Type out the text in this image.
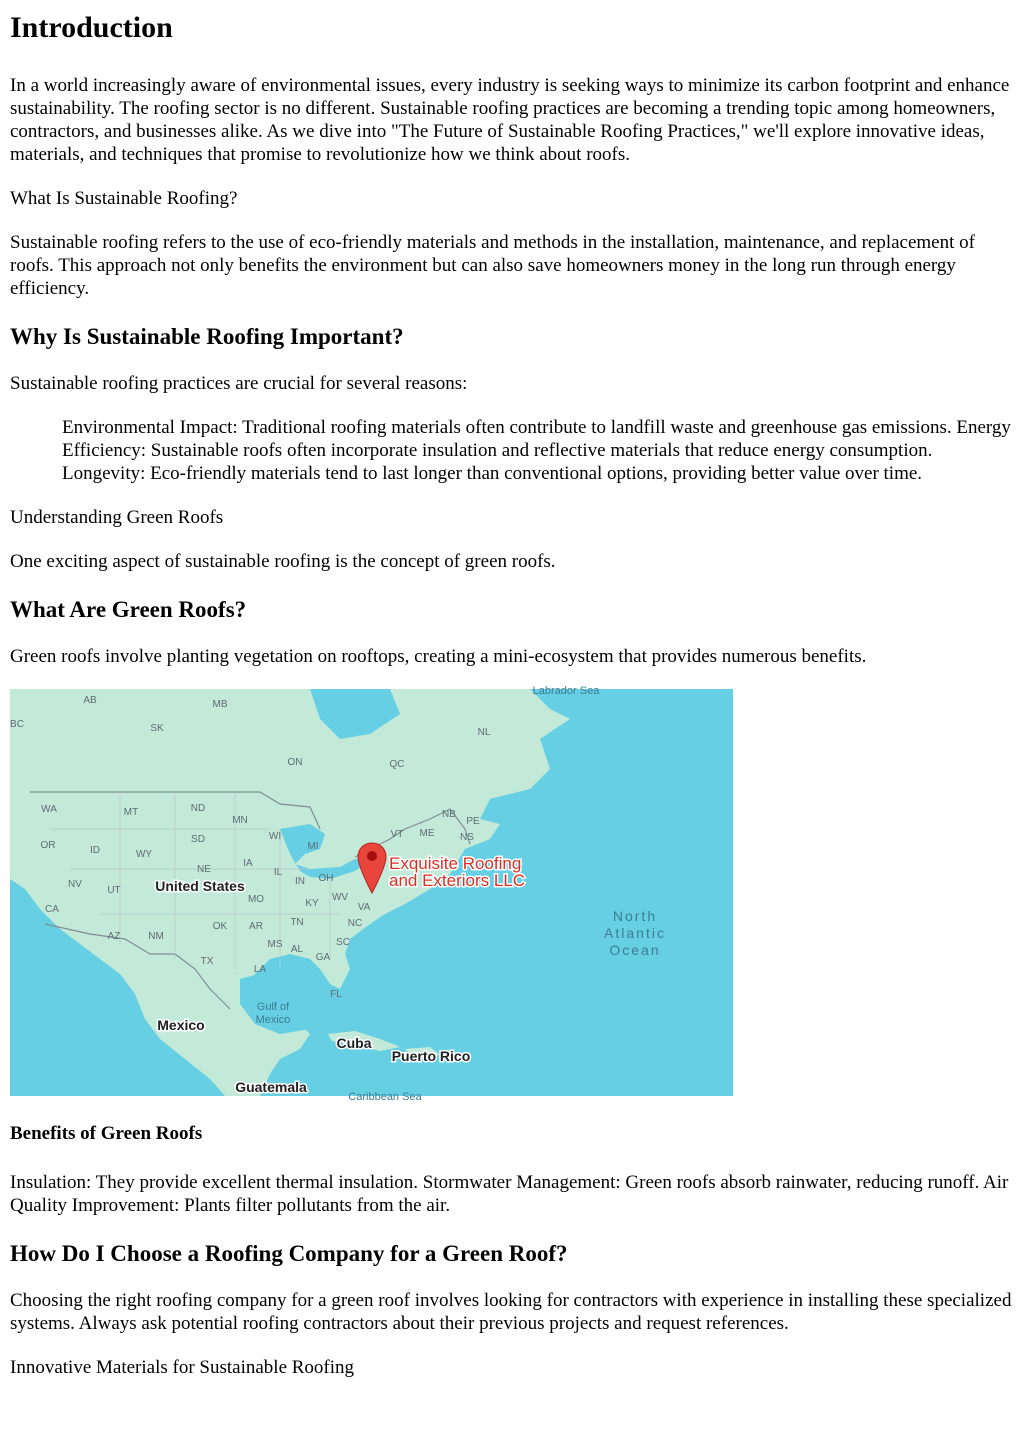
Introduction

In a world increasingly aware of environmental issues, every industry is seeking ways to minimize its carbon footprint and enhance sustainability. The roofing sector is no different. Sustainable roofing practices are becoming a trending topic among homeowners, contractors, and businesses alike. As we dive into "The Future of Sustainable Roofing Practices," we'll explore innovative ideas, materials, and techniques that promise to revolutionize how we think about roofs.

What Is Sustainable Roofing?

Sustainable roofing refers to the use of eco-friendly materials and methods in the installation, maintenance, and replacement of roofs. This approach not only benefits the environment but can also save homeowners money in the long run through energy efficiency.

Why Is Sustainable Roofing Important?

Sustainable roofing practices are crucial for several reasons:

Environmental Impact: Traditional roofing materials often contribute to landfill waste and greenhouse gas emissions. Energy Efficiency: Sustainable roofs often incorporate insulation and reflective materials that reduce energy consumption. Longevity: Eco-friendly materials tend to last longer than conventional options, providing better value over time.

Understanding Green Roofs

One exciting aspect of sustainable roofing is the concept of green roofs.

What Are Green Roofs?

Green roofs involve planting vegetation on rooftops, creating a mini-ecosystem that provides numerous benefits.

AB	MB
BC	SK	NL
ON	QC
NB
PE
NS
WA	MT	ND
MN
OR	ID	WY
SD	WI
MI
NE
IA
NV
UT
IL
IN OH
CA
MO	KY
WV
VA
AZ	NM
OK AR	TN	NC
TX
MS AL
SC
GA
LA
FL
VT ME
United States
Mexico
Cuba
Puerto Rico
Guatemala
Exquisite Roofing
and Exteriors LLC
North
Atlantic
Ocean
Labrador Sea
Gulf of
Mexico
Caribbean Sea
Benefits of Green Roofs

Insulation: They provide excellent thermal insulation. Stormwater Management: Green roofs absorb rainwater, reducing runoff. Air Quality Improvement: Plants filter pollutants from the air.

How Do I Choose a Roofing Company for a Green Roof?

Choosing the right roofing company for a green roof involves looking for contractors with experience in installing these specialized systems. Always ask potential roofing contractors about their previous projects and request references.

Innovative Materials for Sustainable Roofing
